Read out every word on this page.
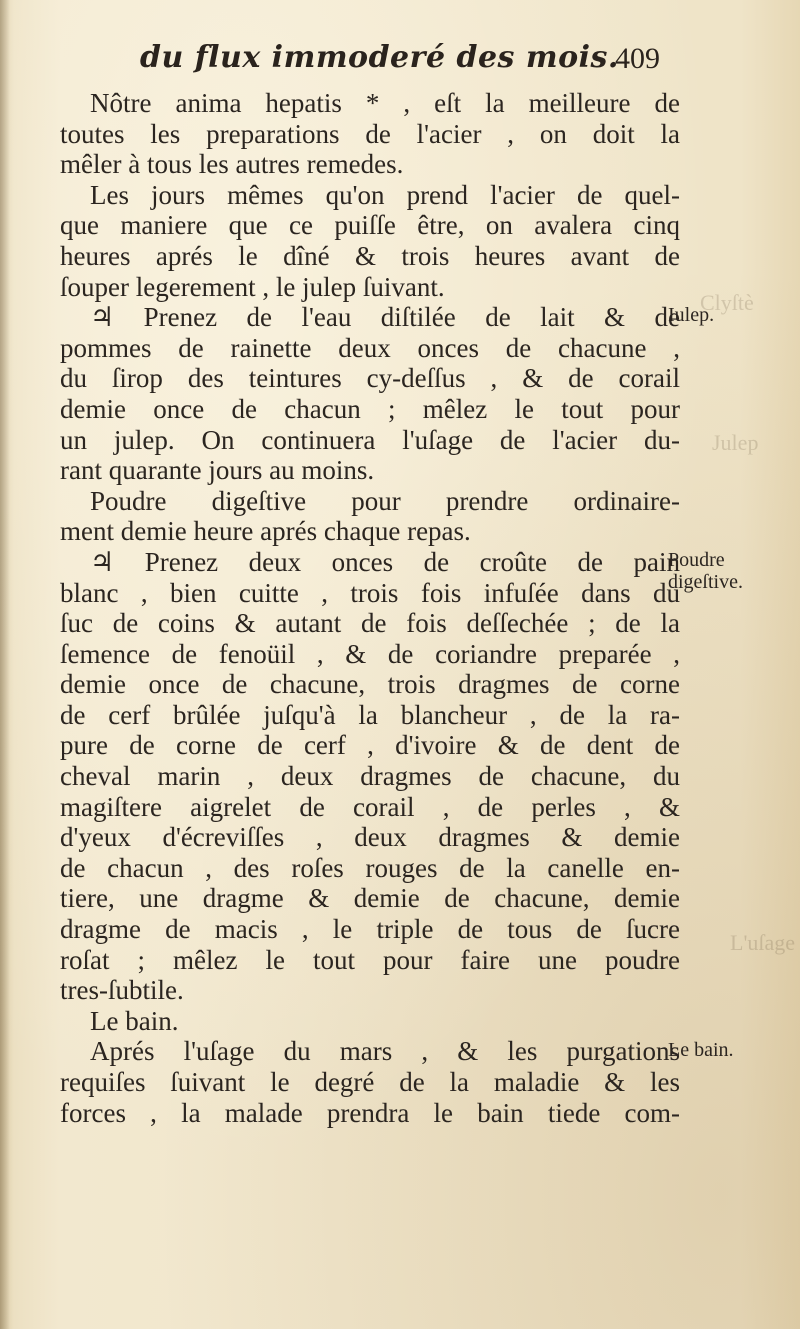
Clyſtè
Julep
L'uſage
du flux immoderé des mois.
409
Nôtre anima hepatis * , eſt la meilleure de
toutes les preparations de l'acier , on doit la
mêler à tous les autres remedes.
Les jours mêmes qu'on prend l'acier de quel-
que maniere que ce puiſſe être, on avalera cinq
heures aprés le dîné & trois heures avant de
ſouper legerement , le julep ſuivant.
♃ Prenez de l'eau diſtilée de lait & de
pommes de rainette deux onces de chacune ,
du ſirop des teintures cy-deſſus , & de corail
demie once de chacun ; mêlez le tout pour
un julep. On continuera l'uſage de l'acier du-
rant quarante jours au moins.
Poudre digeſtive pour prendre ordinaire-
ment demie heure aprés chaque repas.
♃ Prenez deux onces de croûte de pain
blanc , bien cuitte , trois fois infuſée dans du
ſuc de coins & autant de fois deſſechée ; de la
ſemence de fenoüil , & de coriandre preparée ,
demie once de chacune, trois dragmes de corne
de cerf brûlée juſqu'à la blancheur , de la ra-
pure de corne de cerf , d'ivoire & de dent de
cheval marin , deux dragmes de chacune, du
magiſtere aigrelet de corail , de perles , &
d'yeux d'écreviſſes , deux dragmes & demie
de chacun , des roſes rouges de la canelle en-
tiere, une dragme & demie de chacune, demie
dragme de macis , le triple de tous de ſucre
roſat ; mêlez le tout pour faire une poudre
tres-ſubtile.
Le bain.
Aprés l'uſage du mars , & les purgations
requiſes ſuivant le degré de la maladie & les
forces , la malade prendra le bain tiede com-
Iulep.
Poudre
digeſtive.
Le bain.
